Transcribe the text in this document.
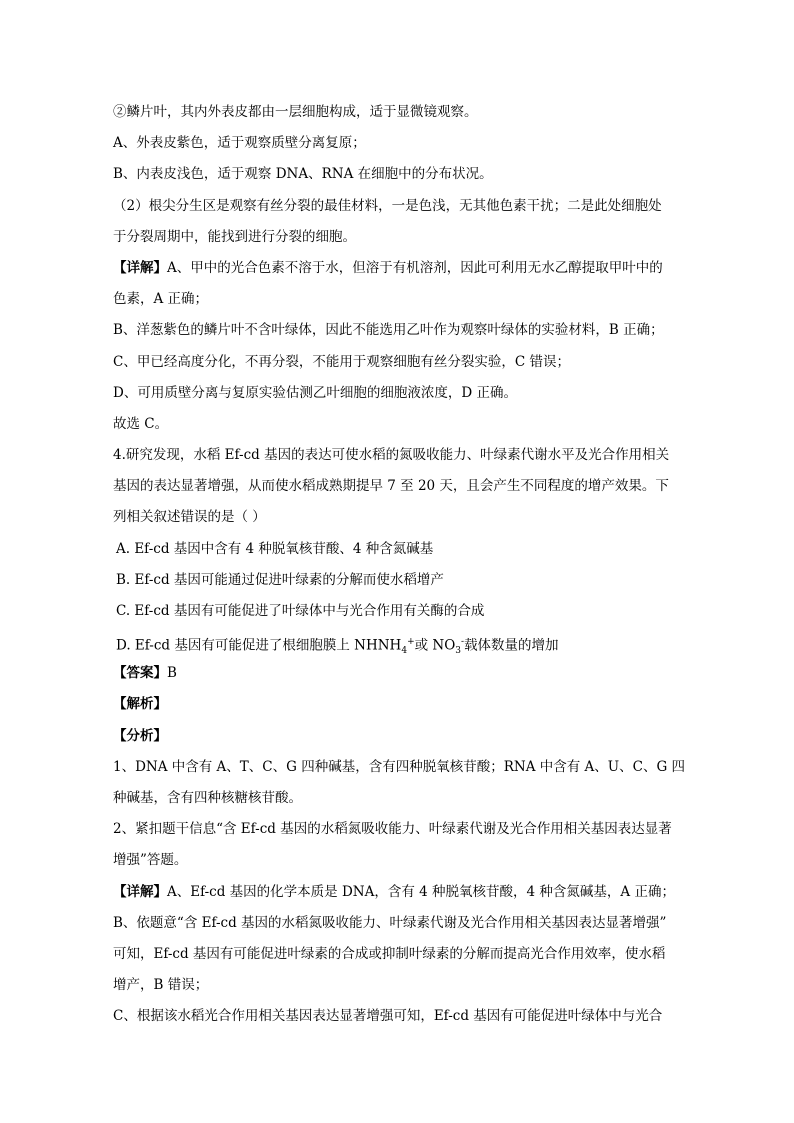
②鳞片叶，其内外表皮都由一层细胞构成，适于显微镜观察。
A、外表皮紫色，适于观察质壁分离复原；
B、内表皮浅色，适于观察 DNA、RNA 在细胞中的分布状况。
（2）根尖分生区是观察有丝分裂的最佳材料，一是色浅，无其他色素干扰；二是此处细胞处
于分裂周期中，能找到进行分裂的细胞。
【详解】A、甲中的光合色素不溶于水，但溶于有机溶剂，因此可利用无水乙醇提取甲叶中的
色素，A 正确；
B、洋葱紫色的鳞片叶不含叶绿体，因此不能选用乙叶作为观察叶绿体的实验材料，B 正确；
C、甲已经高度分化，不再分裂，不能用于观察细胞有丝分裂实验，C 错误；
D、可用质壁分离与复原实验估测乙叶细胞的细胞液浓度，D 正确。
故选 C。
4.研究发现，水稻 Ef-cd 基因的表达可使水稻的氮吸收能力、叶绿素代谢水平及光合作用相关
基因的表达显著增强，从而使水稻成熟期提早 7 至 20 天，且会产生不同程度的增产效果。下
列相关叙述错误的是（ ）
A. Ef-cd 基因中含有 4 种脱氧核苷酸、4 种含氮碱基
B. Ef-cd 基因可能通过促进叶绿素的分解而使水稻增产
C. Ef-cd 基因有可能促进了叶绿体中与光合作用有关酶的合成
D. Ef-cd 基因有可能促进了根细胞膜上 $NHNH_4^+$或 $NO_3^-$载体数量的增加
【答案】B
【解析】
【分析】
1、DNA 中含有 A、T、C、G 四种碱基，含有四种脱氧核苷酸；RNA 中含有 A、U、C、G 四
种碱基，含有四种核糖核苷酸。
2、紧扣题干信息“含 Ef-cd 基因的水稻氮吸收能力、叶绿素代谢及光合作用相关基因表达显著
增强”答题。
【详解】A、Ef-cd 基因的化学本质是 DNA，含有 4 种脱氧核苷酸，4 种含氮碱基，A 正确；
B、依题意“含 Ef-cd 基因的水稻氮吸收能力、叶绿素代谢及光合作用相关基因表达显著增强”
可知，Ef-cd 基因有可能促进叶绿素的合成或抑制叶绿素的分解而提高光合作用效率，使水稻
增产，B 错误；
C、根据该水稻光合作用相关基因表达显著增强可知，Ef-cd 基因有可能促进叶绿体中与光合
